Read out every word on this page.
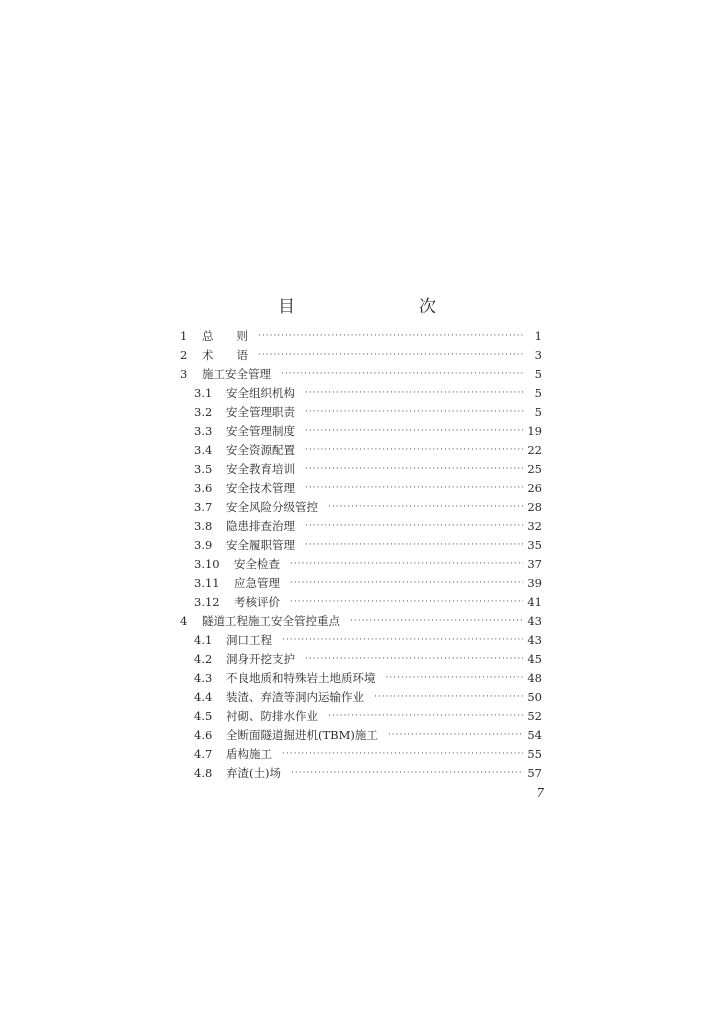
目　　次
1	总　　则 ·····	1
2	术　　语 ·····	3
3	施工安全管理 ·····	5
3.1	安全组织机构 ·····	5
3.2	安全管理职责 ·····	5
3.3	安全管理制度 ·····	19
3.4	安全资源配置 ·····	22
3.5	安全教育培训 ·····	25
3.6	安全技术管理 ·····	26
3.7	安全风险分级管控 ·····	28
3.8	隐患排查治理 ·····	32
3.9	安全履职管理 ·····	35
3.10	安全检查 ·····	37
3.11	应急管理 ·····	39
3.12	考核评价 ·····	41
4	隧道工程施工安全管控重点 ·····	43
4.1	洞口工程 ·····	43
4.2	洞身开挖支护 ·····	45
4.3	不良地质和特殊岩土地质环境 ·····	48
4.4	装渣、弃渣等洞内运输作业 ·····	50
4.5	衬砌、防排水作业 ·····	52
4.6	全断面隧道掘进机(TBM)施工 ·····	54
4.7	盾构施工 ·····	55
4.8	弃渣(土)场 ·····	57
7
